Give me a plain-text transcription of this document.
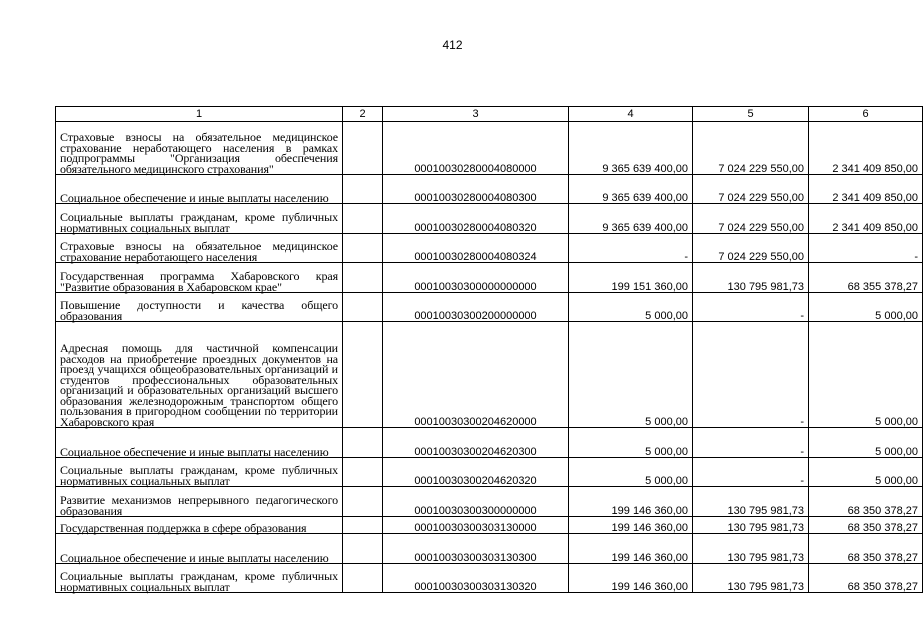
412
1	2	3	4	5	6
Страховые взносы на обязательное медицинское страхование неработающего населения в рамках подпрограммы "Организация обеспечения обязательного медицинского страхования"		00010030280004080000	9 365 639 400,00	7 024 229 550,00	2 341 409 850,00
Социальное обеспечение и иные выплаты населению		00010030280004080300	9 365 639 400,00	7 024 229 550,00	2 341 409 850,00
Социальные выплаты гражданам, кроме публичных нормативных социальных выплат		00010030280004080320	9 365 639 400,00	7 024 229 550,00	2 341 409 850,00
Страховые взносы на обязательное медицинское страхование неработающего населения		00010030280004080324	-	7 024 229 550,00	-
Государственная программа Хабаровского края "Развитие образования в Хабаровском крае"		00010030300000000000	199 151 360,00	130 795 981,73	68 355 378,27
Повышение доступности и качества общего образования		00010030300200000000	5 000,00	-	5 000,00
Адресная помощь для частичной компенсации расходов на приобретение проездных документов на проезд учащихся общеобразовательных организаций и студентов профессиональных образовательных организаций и образовательных организаций высшего образования железнодорожным транспортом общего пользования в пригородном сообщении по территории Хабаровского края		00010030300204620000	5 000,00	-	5 000,00
Социальное обеспечение и иные выплаты населению		00010030300204620300	5 000,00	-	5 000,00
Социальные выплаты гражданам, кроме публичных нормативных социальных выплат		00010030300204620320	5 000,00	-	5 000,00
Развитие механизмов непрерывного педагогического образования		00010030300300000000	199 146 360,00	130 795 981,73	68 350 378,27
Государственная поддержка в сфере образования		00010030300303130000	199 146 360,00	130 795 981,73	68 350 378,27
Социальное обеспечение и иные выплаты населению		00010030300303130300	199 146 360,00	130 795 981,73	68 350 378,27
Социальные выплаты гражданам, кроме публичных нормативных социальных выплат		00010030300303130320	199 146 360,00	130 795 981,73	68 350 378,27
